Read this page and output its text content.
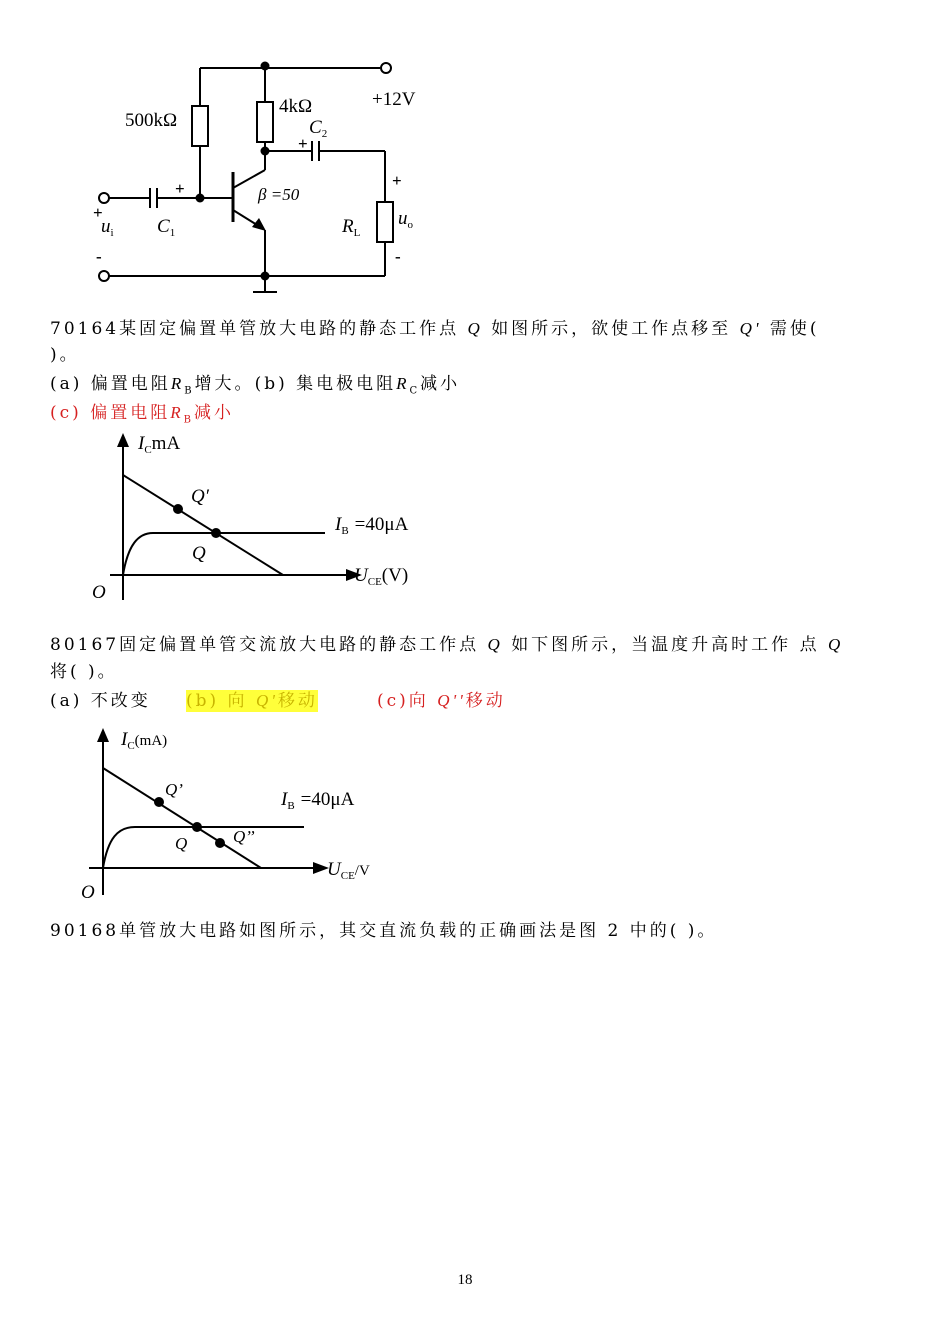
500kΩ
4kΩ	+12V
$C_2$
+
+
$C_1$
β =50
$R_L$
+
$u_o$
-
+
$u_i$
-
70164某固定偏置单管放大电路的静态工作点 Q 如图所示，欲使工作点移至 Q' 需使(
)。
(a) 偏置电阻$R_B$增大。(b) 集电极电阻$R_C$减小
(c) 偏置电阻$R_B$减小
$I_CmA$
Q′
Q
$I_B =40\mu A$
$U_{CE}(V)$
O
80167固定偏置单管交流放大电路的静态工作点 Q 如下图所示，当温度升高时工作 点 Q
将( )。
(a) 不改变 (b) 向 Q'移动	(c)向 Q''移动
$I_C^{(mA)}$
Q’
Q	Q’’
$I_B =40\mu A$
$U_{CE}^{/V}$
O
90168单管放大电路如图所示，其交直流负载的正确画法是图 2 中的( )。
18
